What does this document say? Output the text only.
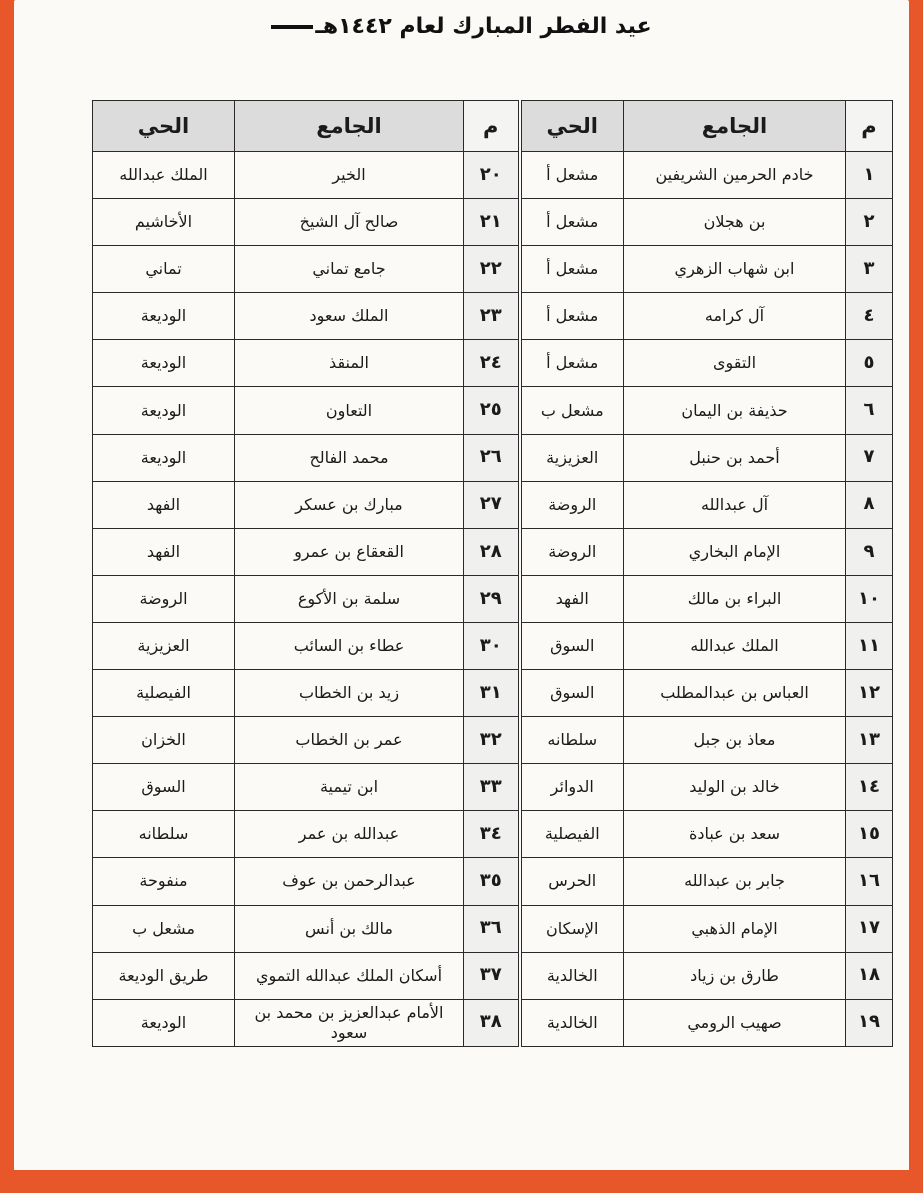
عيد الفطر المبارك لعام ١٤٤٢هـ
م	الجامع	الحي	م	الجامع	الحي
١	خادم الحرمين الشريفين	مشعل أ	٢٠	الخير	الملك عبدالله
٢	بن هجلان	مشعل أ	٢١	صالح آل الشيخ	الأخاشيم
٣	ابن شهاب الزهري	مشعل أ	٢٢	جامع تماني	تماني
٤	آل كرامه	مشعل أ	٢٣	الملك سعود	الوديعة
٥	التقوى	مشعل أ	٢٤	المنقذ	الوديعة
٦	حذيفة بن اليمان	مشعل ب	٢٥	التعاون	الوديعة
٧	أحمد بن حنبل	العزيزية	٢٦	محمد الفالح	الوديعة
٨	آل عبدالله	الروضة	٢٧	مبارك بن عسكر	الفهد
٩	الإمام البخاري	الروضة	٢٨	القعقاع بن عمرو	الفهد
١٠	البراء بن مالك	الفهد	٢٩	سلمة بن الأكوع	الروضة
١١	الملك عبدالله	السوق	٣٠	عطاء بن السائب	العزيزية
١٢	العباس بن عبدالمطلب	السوق	٣١	زيد بن الخطاب	الفيصلية
١٣	معاذ بن جبل	سلطانه	٣٢	عمر بن الخطاب	الخزان
١٤	خالد بن الوليد	الدوائر	٣٣	ابن تيمية	السوق
١٥	سعد بن عبادة	الفيصلية	٣٤	عبدالله بن عمر	سلطانه
١٦	جابر بن عبدالله	الحرس	٣٥	عبدالرحمن بن عوف	منفوحة
١٧	الإمام الذهبي	الإسكان	٣٦	مالك بن أنس	مشعل ب
١٨	طارق بن زياد	الخالدية	٣٧	أسكان الملك عبدالله التموي	طريق الوديعة
١٩	صهيب الرومي	الخالدية	٣٨	الأمام عبدالعزيز بن محمد بن سعود	الوديعة
